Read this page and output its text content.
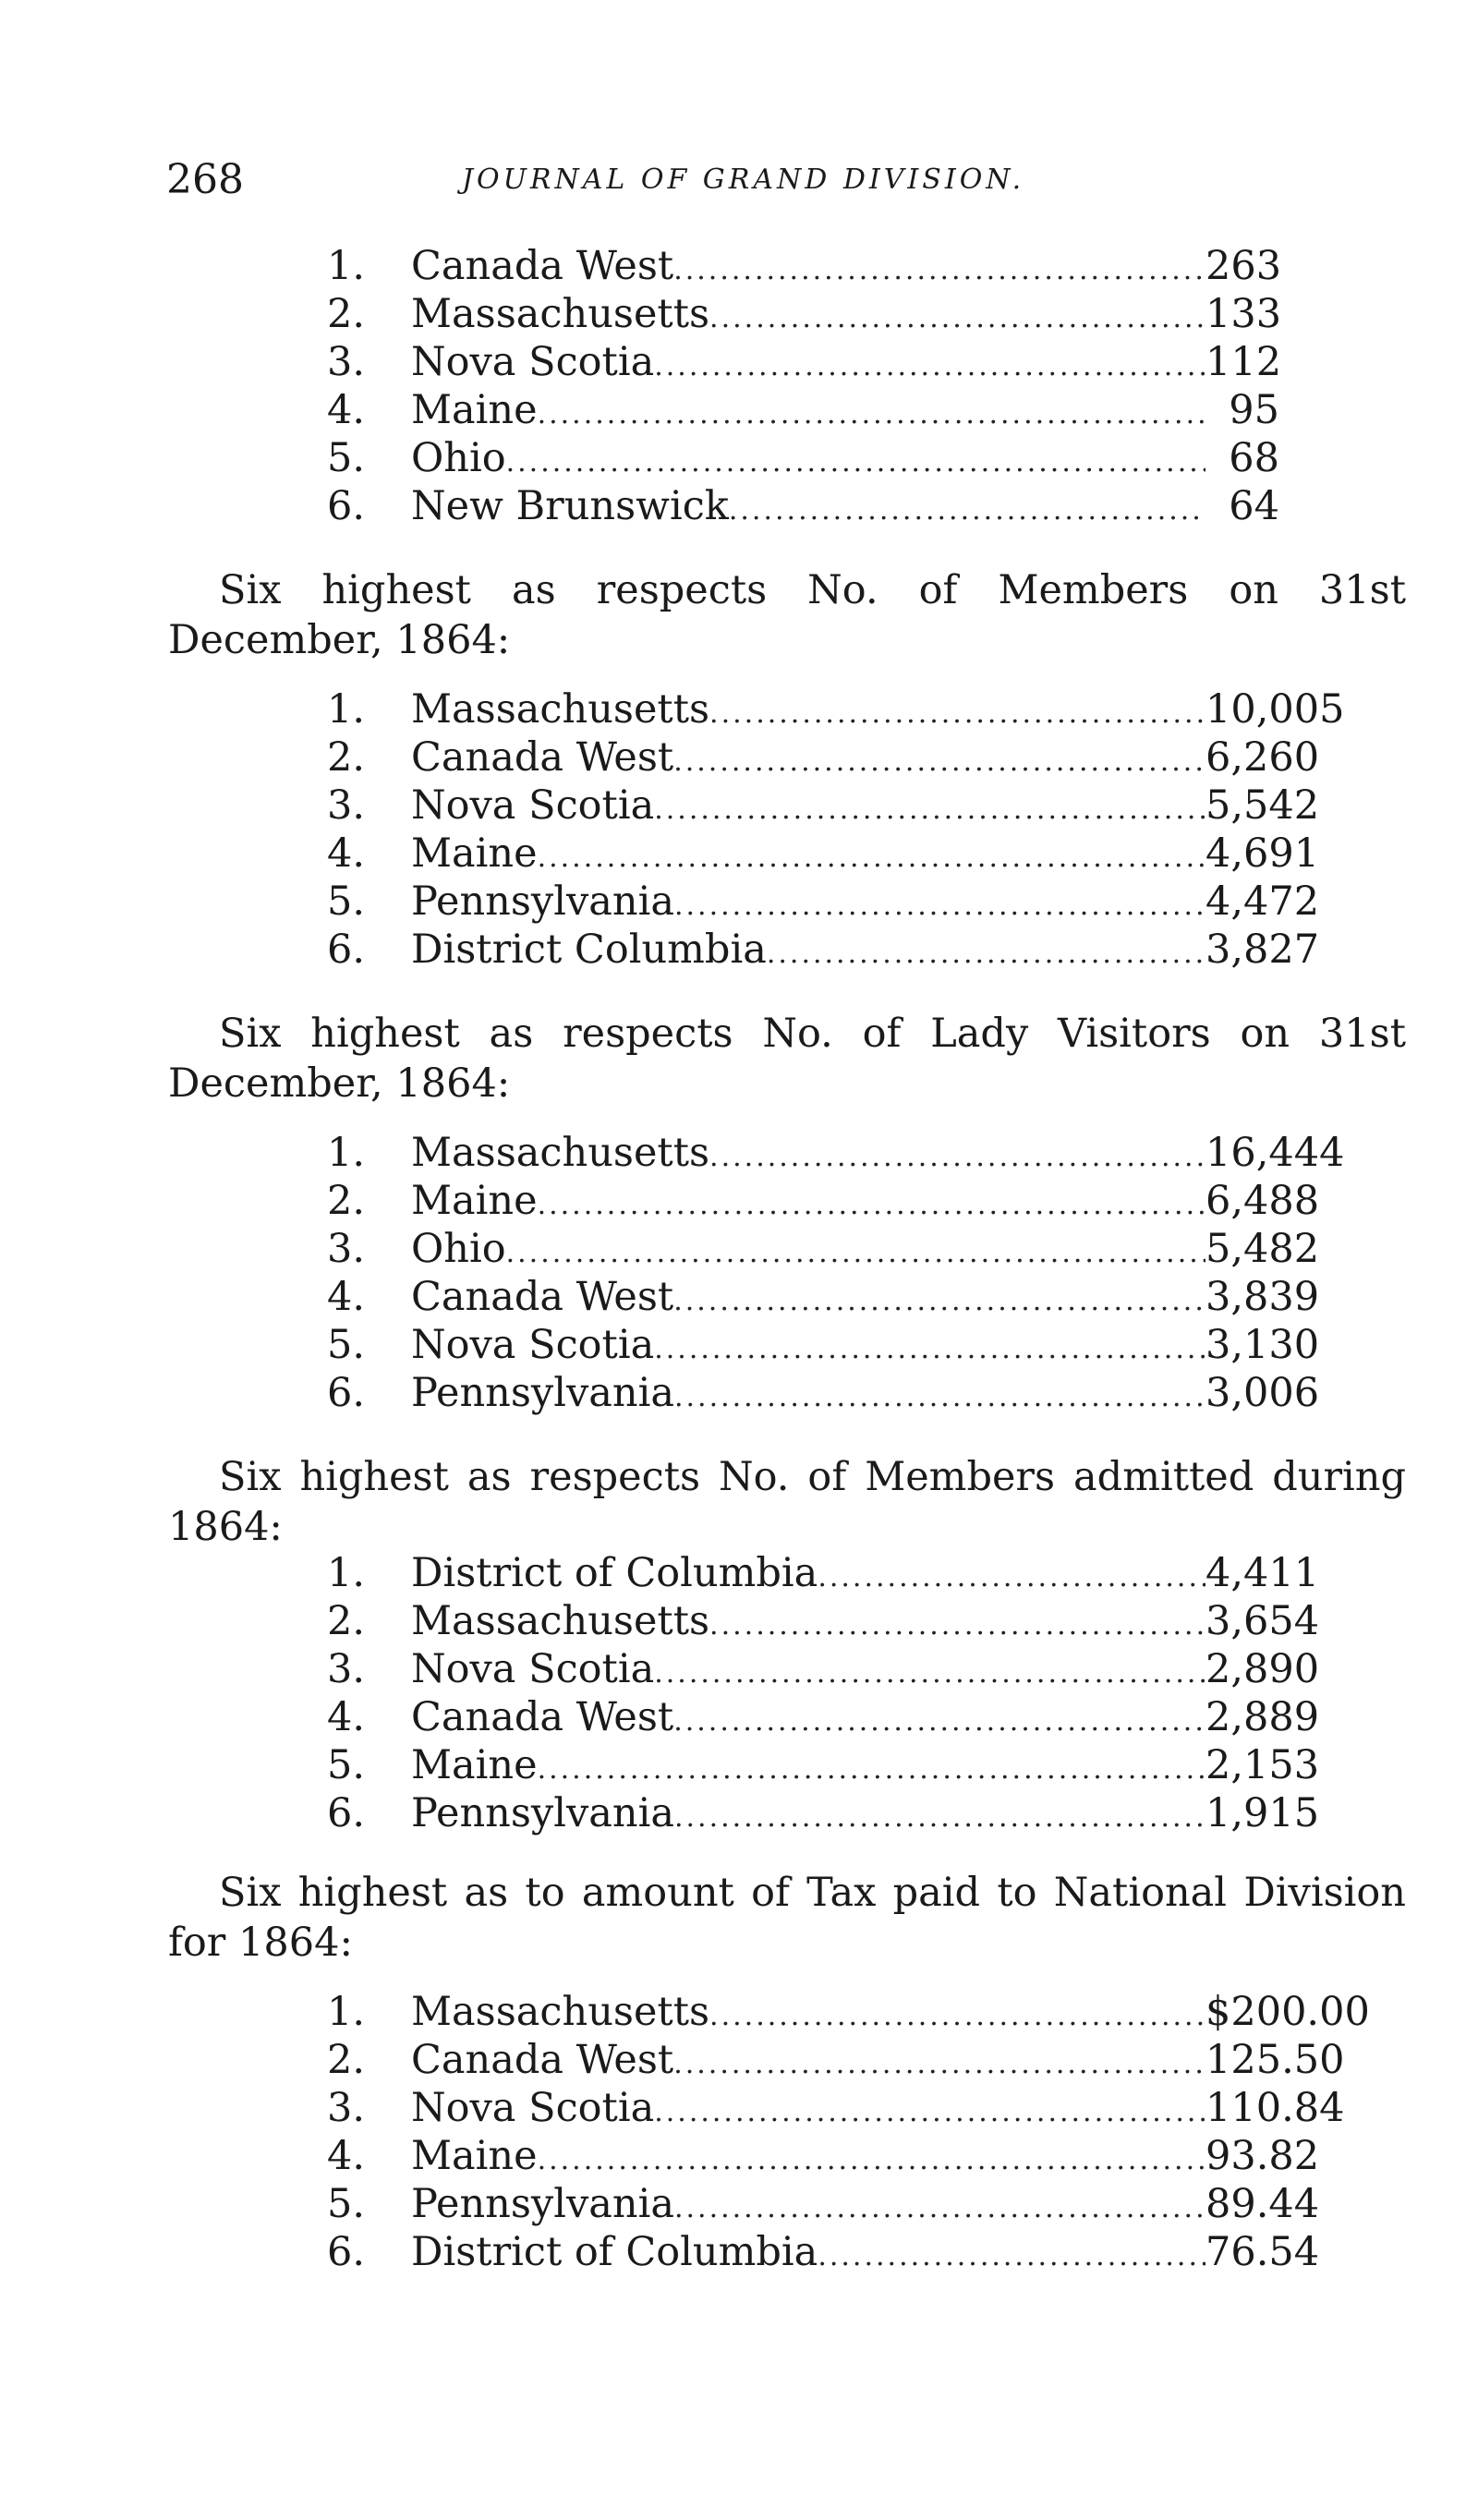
268	JOURNAL OF GRAND DIVISION.
1. Canada West .....	263
2. Massachusetts .....	133
3. Nova Scotia .....	112
4. Maine .....	95
5. Ohio .....	68
6. New Brunswick .....	64

Six highest as respects No. of Members on 31st December, 1864:

1. Massachusetts .....	10,005
2. Canada West .....	6,260
3. Nova Scotia .....	5,542
4. Maine .....	4,691
5. Pennsylvania .....	4,472
6. District Columbia .....	3,827

Six highest as respects No. of Lady Visitors on 31st December, 1864:

1. Massachusetts .....	16,444
2. Maine .....	6,488
3. Ohio .....	5,482
4. Canada West .....	3,839
5. Nova Scotia .....	3,130
6. Pennsylvania .....	3,006

Six highest as respects No. of Members admitted during 1864:

1. District of Columbia .....	4,411
2. Massachusetts .....	3,654
3. Nova Scotia .....	2,890
4. Canada West .....	2,889
5. Maine .....	2,153
6. Pennsylvania .....	1,915

Six highest as to amount of Tax paid to National Division for 1864:

1. Massachusetts .....	$200.00
2. Canada West .....	125.50
3. Nova Scotia .....	110.84
4. Maine .....	93.82
5. Pennsylvania .....	89.44
6. District of Columbia .....	76.54
